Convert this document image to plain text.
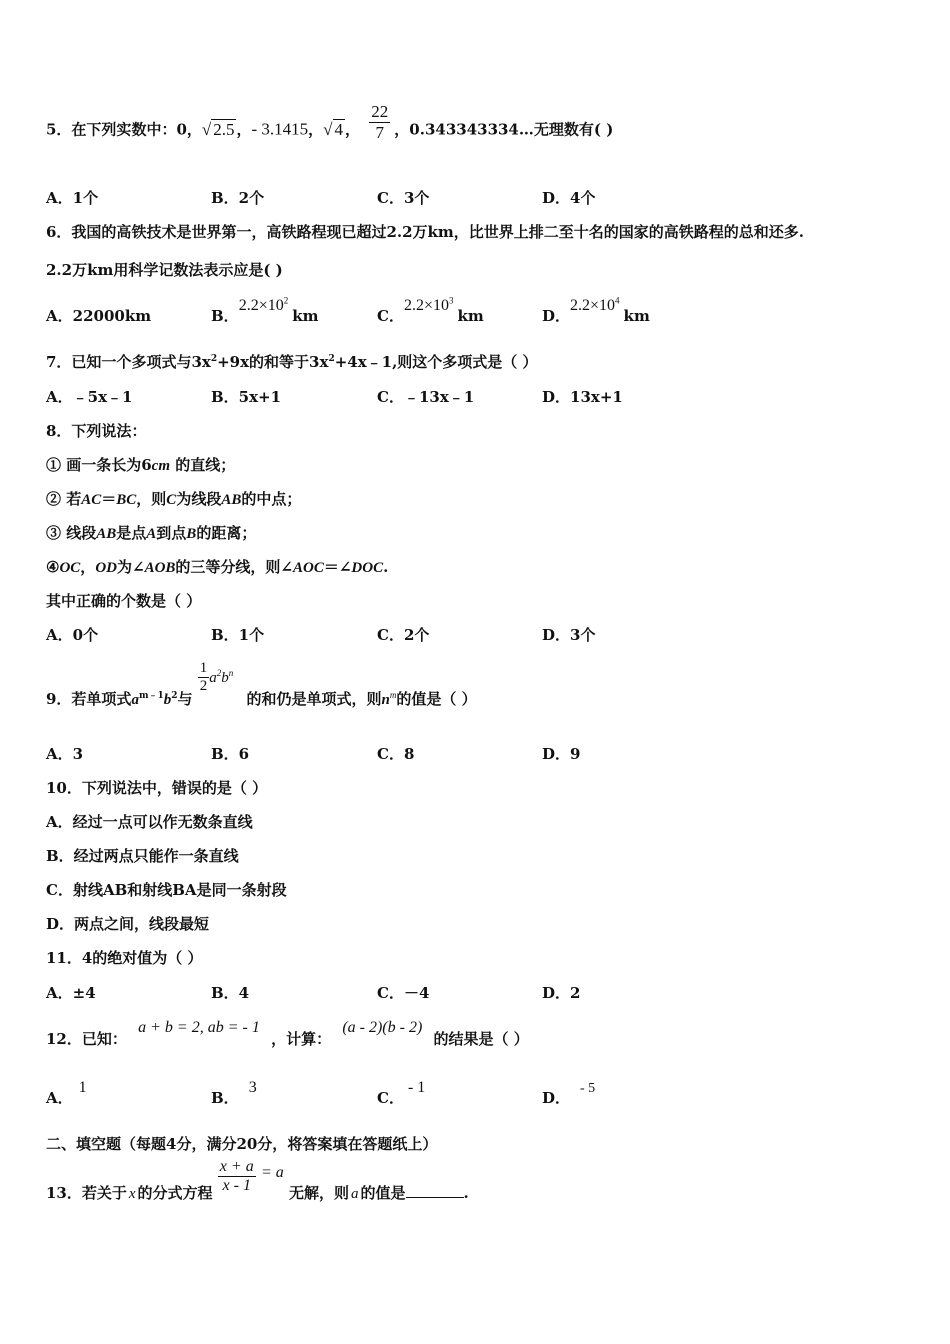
5．在下列实数中：0，√ 2.5 ，- 3.1415，√ 4 ， $\frac{22}{7}$ ，0.343343334…无理数有( )
A．1个	B．2个	C．3个	D．4个
6．我国的高铁技术是世界第一，高铁路程现已超过2.2万km，比世界上排二至十名的国家的高铁路程的总和还多.
2.2万km用科学记数法表示应是( )
A．22000km	B．$2.2\times 10^2km$	C．$2.2\times 10^3km$	D．$2.2\times 10^4km$
7．已知一个多项式与$3x^2+9x$的和等于$3x^2+4x﹣1$,则这个多项式是（ ）
A．﹣5x﹣1	B．5x+1	C．﹣13x﹣1	D．13x+1
8．下列说法：
① 画一条长为6cm 的直线；
② 若AC＝BC，则C为线段AB的中点；
③ 线段AB是点A到点B的距离；
④OC，OD为∠AOB的三等分线，则∠AOC＝∠DOC.
其中正确的个数是（ ）
A．0个	B．1个	C．2个	D．3个
9．若单项式$a^{m﹣1}b^2$与
$\frac{1}{2} a^2b^n$ 的和仍是单项式，则$n^m$的值是（ ）
A．3	B．6	C．8	D．9
10．下列说法中，错误的是（ ）
A．经过一点可以作无数条直线
B．经过两点只能作一条直线
C．射线AB和射线BA是同一条射段
D．两点之间，线段最短
11．4的绝对值为（ ）
A．±4	B．4	C．－4	D．2
12．已知： a + b = 2, ab = - 1 ，计算： (a - 2)(b - 2) 的结果是（ ）
A．1
B．3
C．- 1
D．- 5
二、填空题（每题4分，满分20分，将答案填在答题纸上）
13．若关于 x 的分式方程 $\frac{x + a}{x - 1} = a$ 无解，则 a 的值是	.
